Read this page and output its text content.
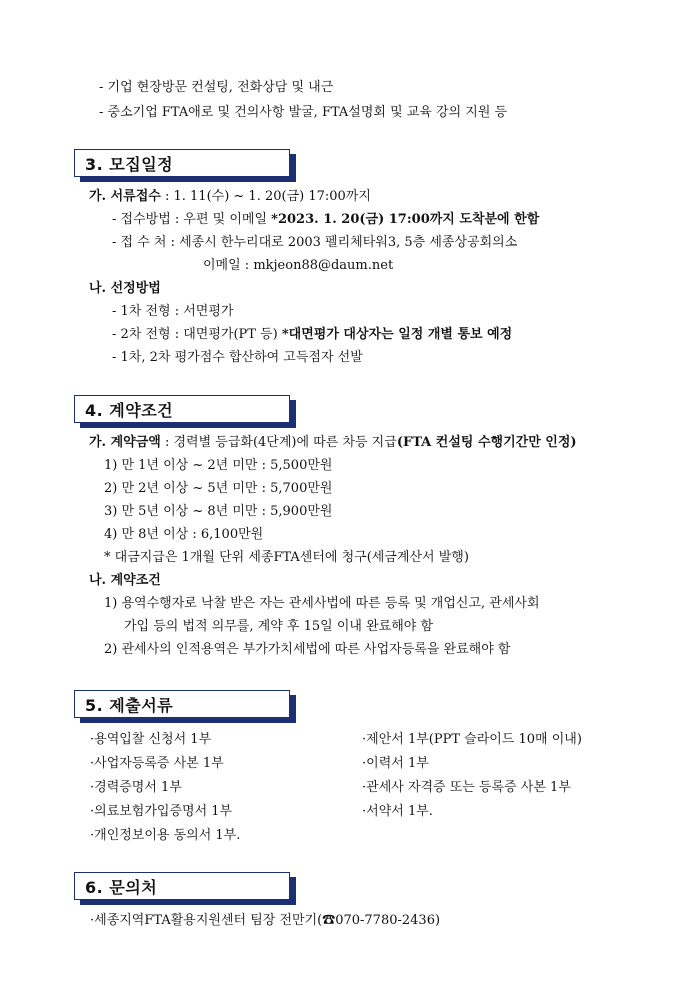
- 기업 현장방문 컨설팅, 전화상담 및 내근
- 중소기업 FTA애로 및 건의사항 발굴, FTA설명회 및 교육 강의 지원 등
3. 모집일정
가. 서류접수 : 1. 11(수) ~ 1. 20(금) 17:00까지
- 접수방법 : 우편 및 이메일 *2023. 1. 20(금) 17:00까지 도착분에 한함
- 접 수 처 : 세종시 한누리대로 2003 펠리체타워3, 5층 세종상공회의소
이메일 : mkjeon88@daum.net
나. 선정방법
- 1차 전형 : 서면평가
- 2차 전형 : 대면평가(PT 등) *대면평가 대상자는 일정 개별 통보 예정
- 1차, 2차 평가점수 합산하여 고득점자 선발
4. 계약조건
가. 계약금액 : 경력별 등급화(4단계)에 따른 차등 지급(FTA 컨설팅 수행기간만 인정)
1) 만 1년 이상 ~ 2년 미만 : 5,500만원
2) 만 2년 이상 ~ 5년 미만 : 5,700만원
3) 만 5년 이상 ~ 8년 미만 : 5,900만원
4) 만 8년 이상 : 6,100만원
* 대금지급은 1개월 단위 세종FTA센터에 청구(세금계산서 발행)
나. 계약조건
1) 용역수행자로 낙찰 받은 자는 관세사법에 따른 등록 및 개업신고, 관세사회
가입 등의 법적 의무를, 계약 후 15일 이내 완료해야 함
2) 관세사의 인적용역은 부가가치세법에 따른 사업자등록을 완료해야 함
5. 제출서류
·용역입찰 신청서 1부
·사업자등록증 사본 1부
·경력증명서 1부
·의료보험가입증명서 1부
·개인정보이용 동의서 1부.
·제안서 1부(PPT 슬라이드 10매 이내)
·이력서 1부
·관세사 자격증 또는 등록증 사본 1부
·서약서 1부.
6. 문의처
·세종지역FTA활용지원센터 팀장 전만기(☎070-7780-2436)
